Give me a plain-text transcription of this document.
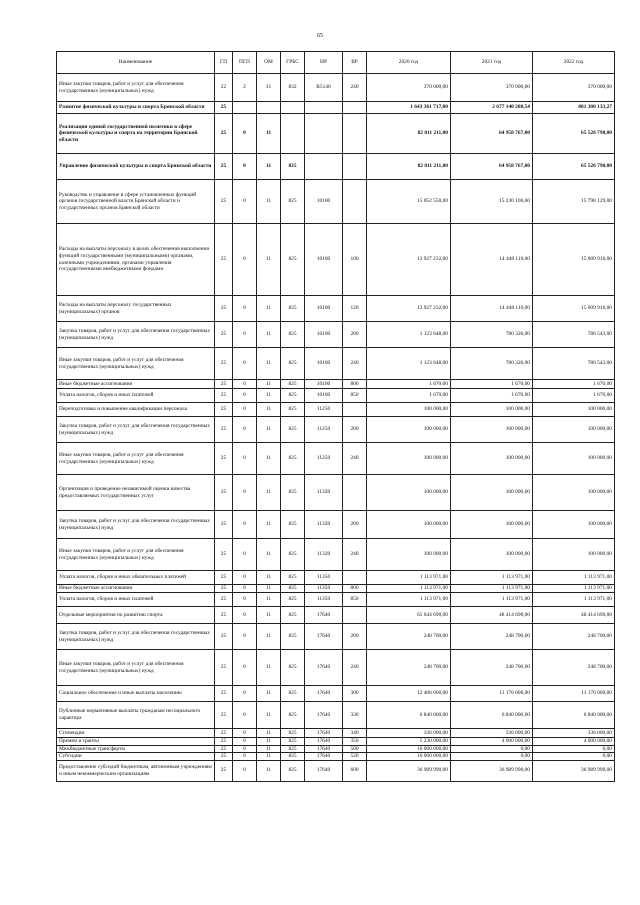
65
Наименование	ГП	ПГП	ОМ	ГРБС	НР	ВР	2020 год	2021 год	2022 год
Иные закупки товаров, работ и услуг для обеспечения государственных (муниципальных) нужд	22	2	31	832	R5140	240	370 000,00	370 000,00	370 000,00
Развитие физической культуры и спорта Брянской области	25						1 643 361 717,00	2 677 140 280,54	801 300 133,27
Реализация единой государственной политики в сфере физической культуры и спорта на территории Брянской области	25	0	11				82 011 211,00	64 958 767,00	65 526 790,00
Управление физической культуры и спорта Брянской области	25	0	11	825			82 011 211,00	64 958 767,00	65 526 790,00
Руководство и управление в сфере установленных функций органов государственной власти Брянской области и государственных органов Брянской области	25	0	11	825	10100		15 052 550,00	15 230 106,60	15 798 129,00
Расходы на выплаты персоналу в целях обеспечения выполнения функций государственными (муниципальными) органами, казенными учреждениями, органами управления государственными внебюджетными фондами	25	0	11	825	10100	100	13 927 232,00	14 448 110,00	15 009 916,00
Расходы на выплаты персоналу государственных (муниципальных) органов	25	0	11	825	10100	120	13 927 232,00	14 448 110,00	15 009 916,00
Закупка товаров, работ и услуг для обеспечения государственных (муниципальных) нужд	25	0	11	825	10100	200	1 123 648,00	780 326,00	786 543,00
Иные закупки товаров, работ и услуг для обеспечения государственных (муниципальных) нужд	25	0	11	825	10100	240	1 123 648,00	780 326,00	786 543,00
Иные бюджетные ассигнования	25	0	11	825	10100	800	1 670,00	1 670,00	1 670,00
Уплата налогов, сборов и иных платежей	25	0	11	825	10100	850	1 670,00	1 670,00	1 670,00
Переподготовка и повышение квалификации персонала	25	0	11	825	11250		100 000,00	100 000,00	100 000,00
Закупка товаров, работ и услуг для обеспечения государственных (муниципальных) нужд	25	0	11	825	11250	200	100 000,00	100 000,00	100 000,00
Иные закупки товаров, работ и услуг для обеспечения государственных (муниципальных) нужд	25	0	11	825	11250	240	100 000,00	100 000,00	100 000,00
Организация и проведение независимой оценки качества предоставляемых государственных услуг	25	0	11	825	11320		100 000,00	100 000,00	100 000,00
Закупка товаров, работ и услуг для обеспечения государственных (муниципальных) нужд	25	0	11	825	11320	200	100 000,00	100 000,00	100 000,00
Иные закупки товаров, работ и услуг для обеспечения государственных (муниципальных) нужд	25	0	11	825	11320	240	100 000,00	100 000,00	100 000,00
Уплата налогов, сборов и иных обязательных платежей	25	0	11	825	11350		1 113 971,00	1 113 971,00	1 113 971,00
Иные бюджетные ассигнования	25	0	11	825	11350	800	1 113 971,00	1 113 971,00	1 113 971,00
Уплата налогов, сборов и иных платежей	25	0	11	825	11350	850	1 113 971,00	1 113 971,00	1 113 971,00
Отдельные мероприятия по развитию спорта	25	0	11	825	17640		65 644 690,00	48 414 690,00	48 414 690,00
Закупка товаров, работ и услуг для обеспечения государственных (муниципальных) нужд	25	0	11	825	17640	200	248 700,00	248 700,00	248 700,00
Иные закупки товаров, работ и услуг для обеспечения государственных (муниципальных) нужд	25	0	11	825	17640	240	248 700,00	248 700,00	248 700,00
Социальное обеспечение и иные выплаты населению	25	0	11	825	17640	300	12 406 000,00	11 176 000,00	11 176 000,00
Публичные нормативные выплаты гражданам несоциального характера	25	0	11	825	17640	330	6 840 000,00	6 840 000,00	6 840 000,00
Стипендии	25	0	11	825	17640	340	336 000,00	336 000,00	336 000,00
Премии и гранты	25	0	11	825	17640	350	5 230 000,00	4 000 000,00	4 000 000,00
Межбюджетные трансферты	25	0	11	825	17640	500	16 000 000,00	0,00	0,00
Субсидии	25	0	11	825	17640	520	16 000 000,00	0,00	0,00
Предоставление субсидий бюджетным, автономным учреждениям и иным некоммерческим организациям	25	0	11	825	17640	600	36 989 990,00	36 989 990,00	36 989 990,00
